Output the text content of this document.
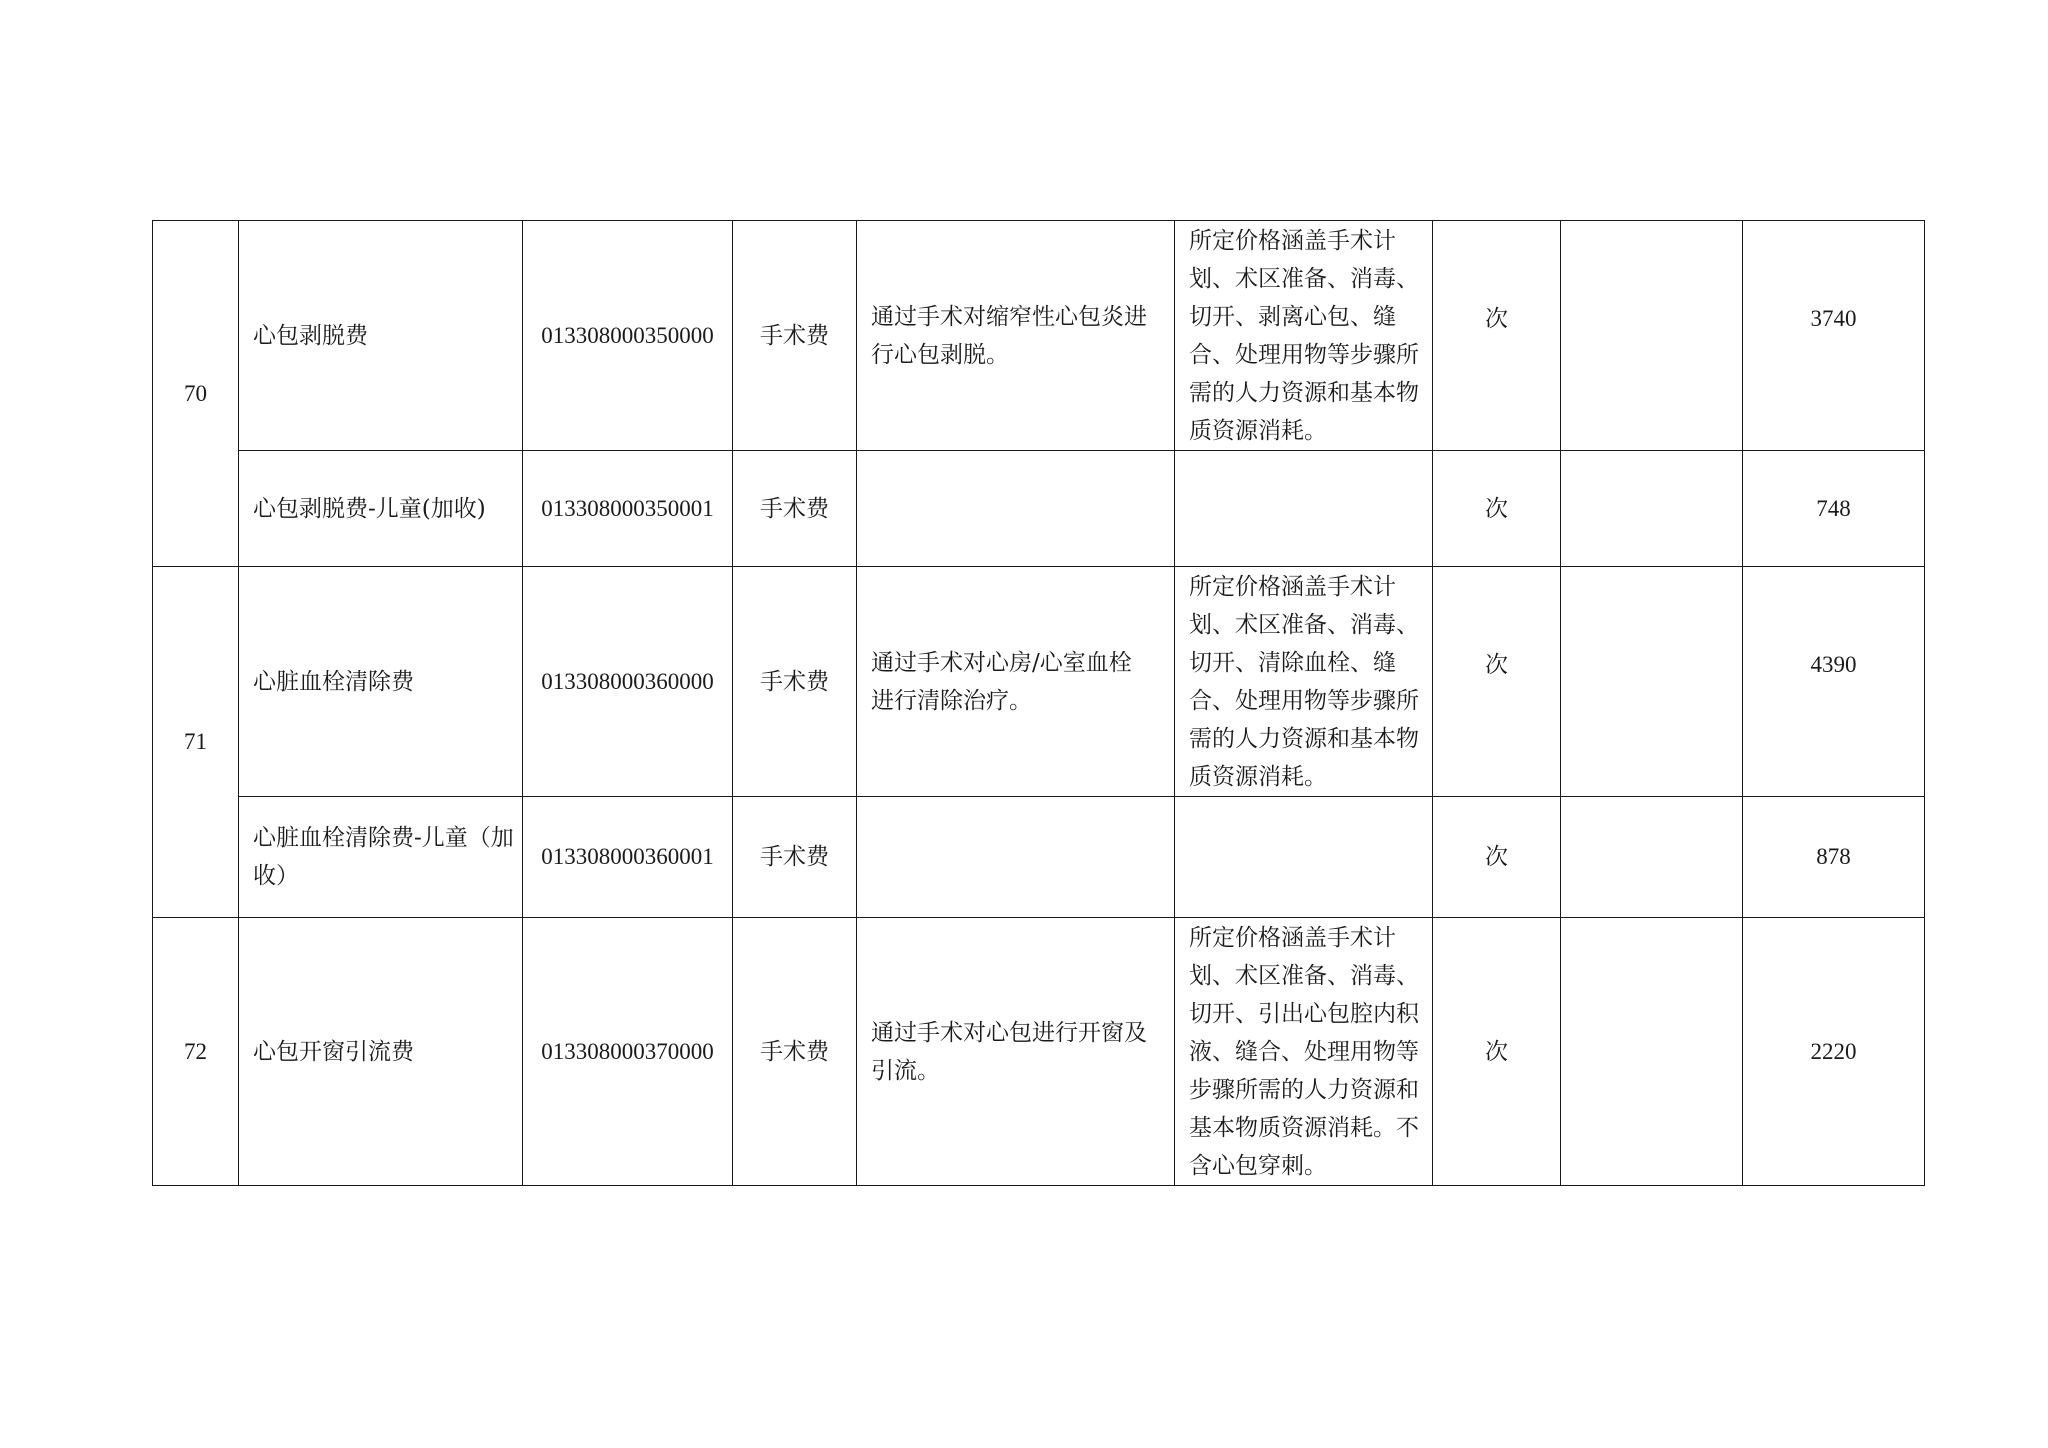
70	心包剥脱费	013308000350000	手术费	通过手术对缩窄性心包炎进行心包剥脱。	所定价格涵盖手术计划、术区准备、消毒、切开、剥离心包、缝合、处理用物等步骤所需的人力资源和基本物质资源消耗。	次		3740
	心包剥脱费-儿童(加收)	013308000350001	手术费			次		748
71	心脏血栓清除费	013308000360000	手术费	通过手术对心房/心室血栓进行清除治疗。	所定价格涵盖手术计划、术区准备、消毒、切开、清除血栓、缝合、处理用物等步骤所需的人力资源和基本物质资源消耗。	次		4390
	心脏血栓清除费-儿童（加收）	013308000360001	手术费			次		878
72	心包开窗引流费	013308000370000	手术费	通过手术对心包进行开窗及引流。	所定价格涵盖手术计划、术区准备、消毒、切开、引出心包腔内积液、缝合、处理用物等步骤所需的人力资源和基本物质资源消耗。不含心包穿刺。	次		2220
